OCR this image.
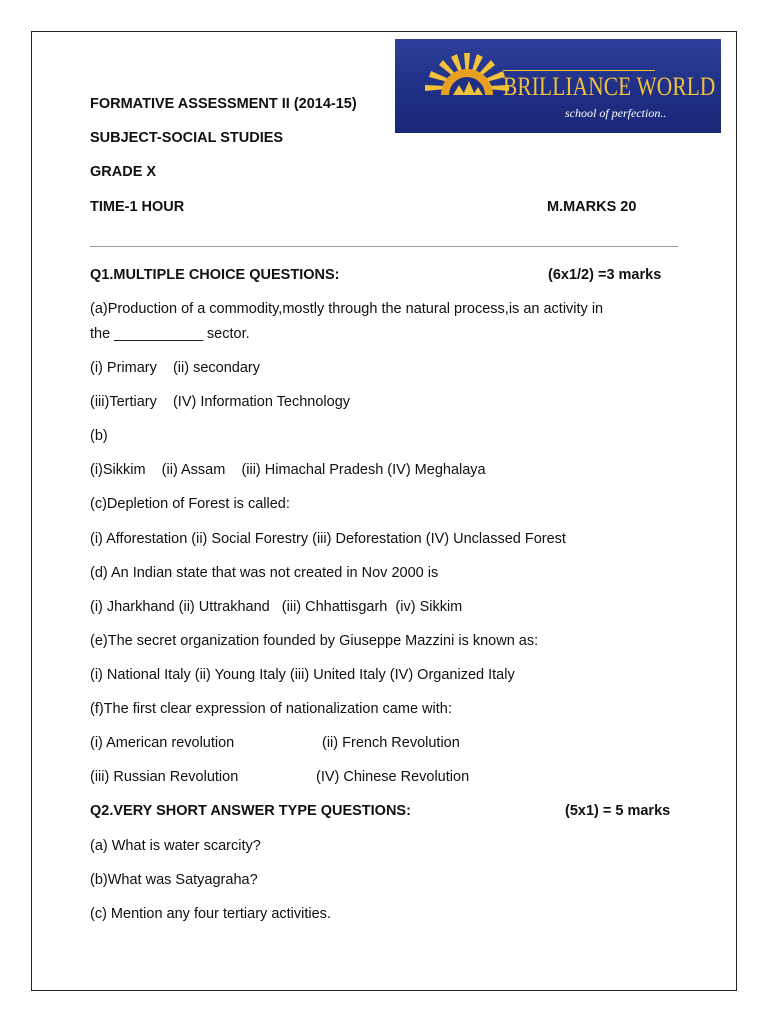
BRILLIANCE WORLD
school of perfection..
FORMATIVE ASSESSMENT II (2014-15)
SUBJECT-SOCIAL STUDIES
GRADE X
TIME-1 HOUR	M.MARKS 20
Q1.MULTIPLE CHOICE QUESTIONS:	(6x1/2) =3 marks
(a)Production of a commodity,mostly through the natural process,is an activity in
the ___________ sector.
(i) Primary    (ii) secondary
(iii)Tertiary    (IV) Information Technology
(b)
(i)Sikkim    (ii) Assam    (iii) Himachal Pradesh (IV) Meghalaya
(c)Depletion of Forest is called:
(i) Afforestation (ii) Social Forestry (iii) Deforestation (IV) Unclassed Forest
(d) An Indian state that was not created in Nov 2000 is
(i) Jharkhand (ii) Uttrakhand   (iii) Chhattisgarh  (iv) Sikkim
(e)The secret organization founded by Giuseppe Mazzini is known as:
(i) National Italy (ii) Young Italy (iii) United Italy (IV) Organized Italy
(f)The first clear expression of nationalization came with:
(i) American revolution	(ii) French Revolution
(iii) Russian Revolution	(IV) Chinese Revolution
Q2.VERY SHORT ANSWER TYPE QUESTIONS:	(5x1) = 5 marks
(a) What is water scarcity?
(b)What was Satyagraha?
(c) Mention any four tertiary activities.
